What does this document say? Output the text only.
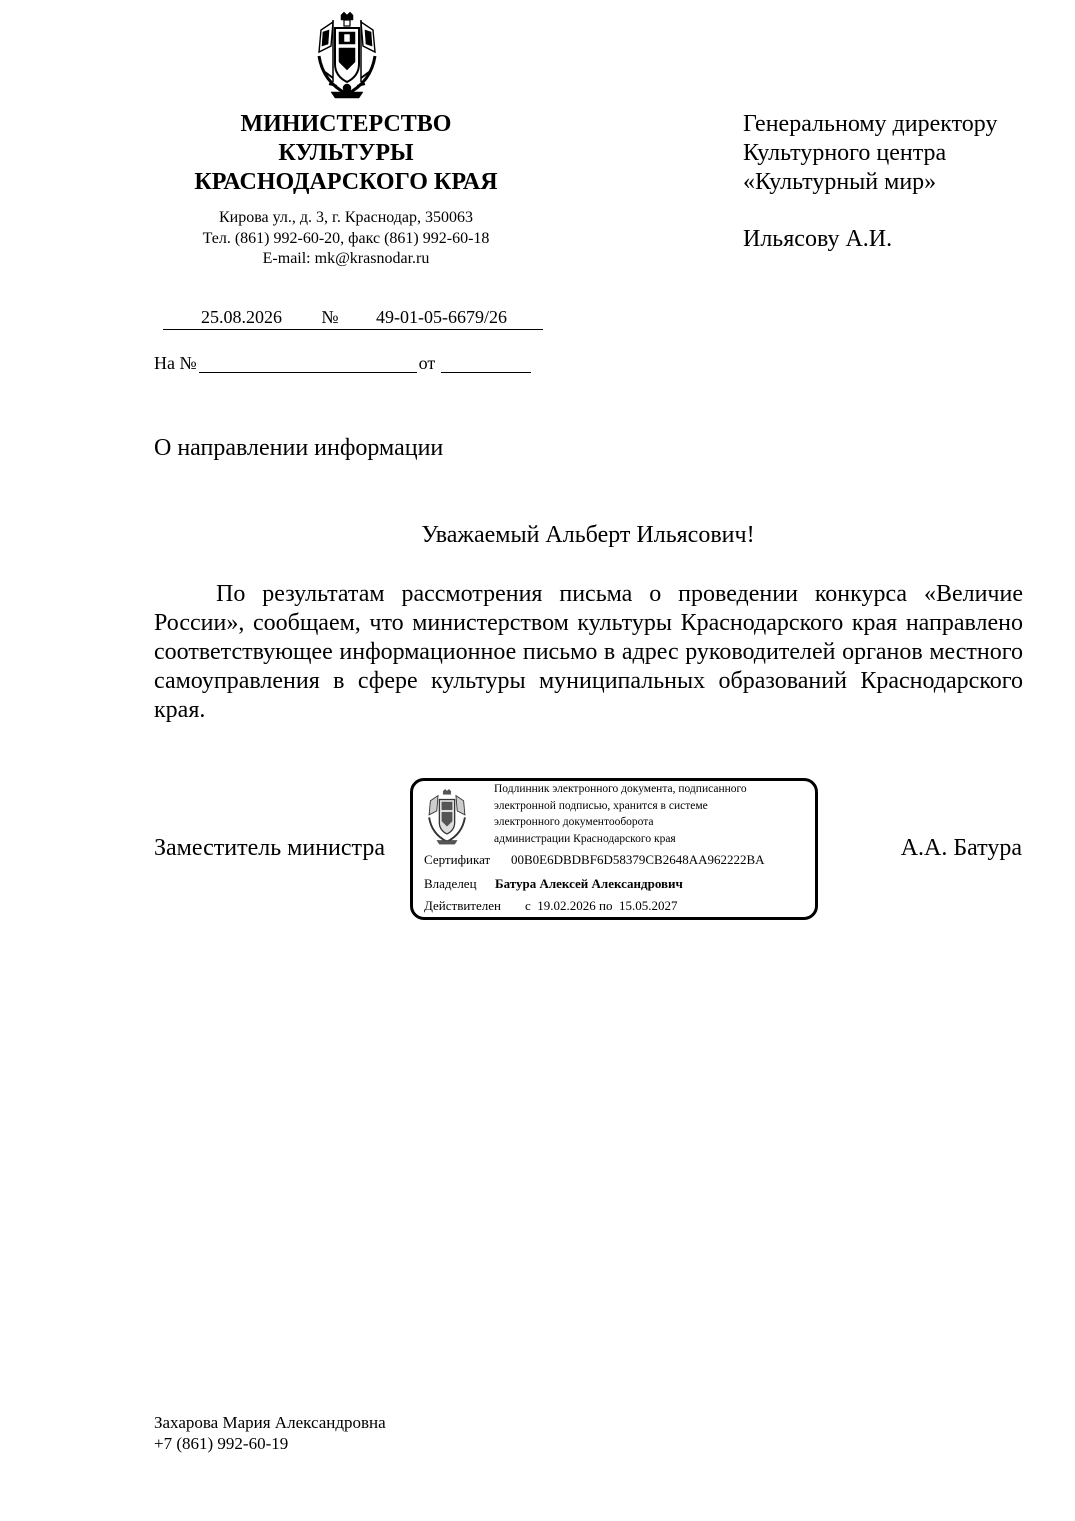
МИНИСТЕРСТВО
КУЛЬТУРЫ
КРАСНОДАРСКОГО КРАЯ
Кирова ул., д. 3, г. Краснодар, 350063
Тел. (861) 992-60-20, факс (861) 992-60-18
E-mail: mk@krasnodar.ru
Генеральному директору
Культурного центра
«Культурный мир»
Ильясову А.И.
25.08.2026 № 49-01-05-6679/26
На №	от
О направлении информации
Уважаемый Альберт Ильясович!
По результатам рассмотрения письма о проведении конкурса «Величие России», сообщаем, что министерством культуры Краснодарского края направлено соответствующее информационное письмо в адрес руководителей органов местного самоуправления в сфере культуры муниципальных образований Краснодарского края.
Заместитель министра	А.А. Батура
Подлинник электронного документа, подписанного
электронной подписью, хранится в системе
электронного документооборота
администрации Краснодарского края
Сертификат 00B0E6DBDBF6D58379CB2648AA962222BA
Владелец Батура Алексей Александрович
Действителен с 19.02.2026 по 15.05.2027
Захарова Мария Александровна
+7 (861) 992-60-19
